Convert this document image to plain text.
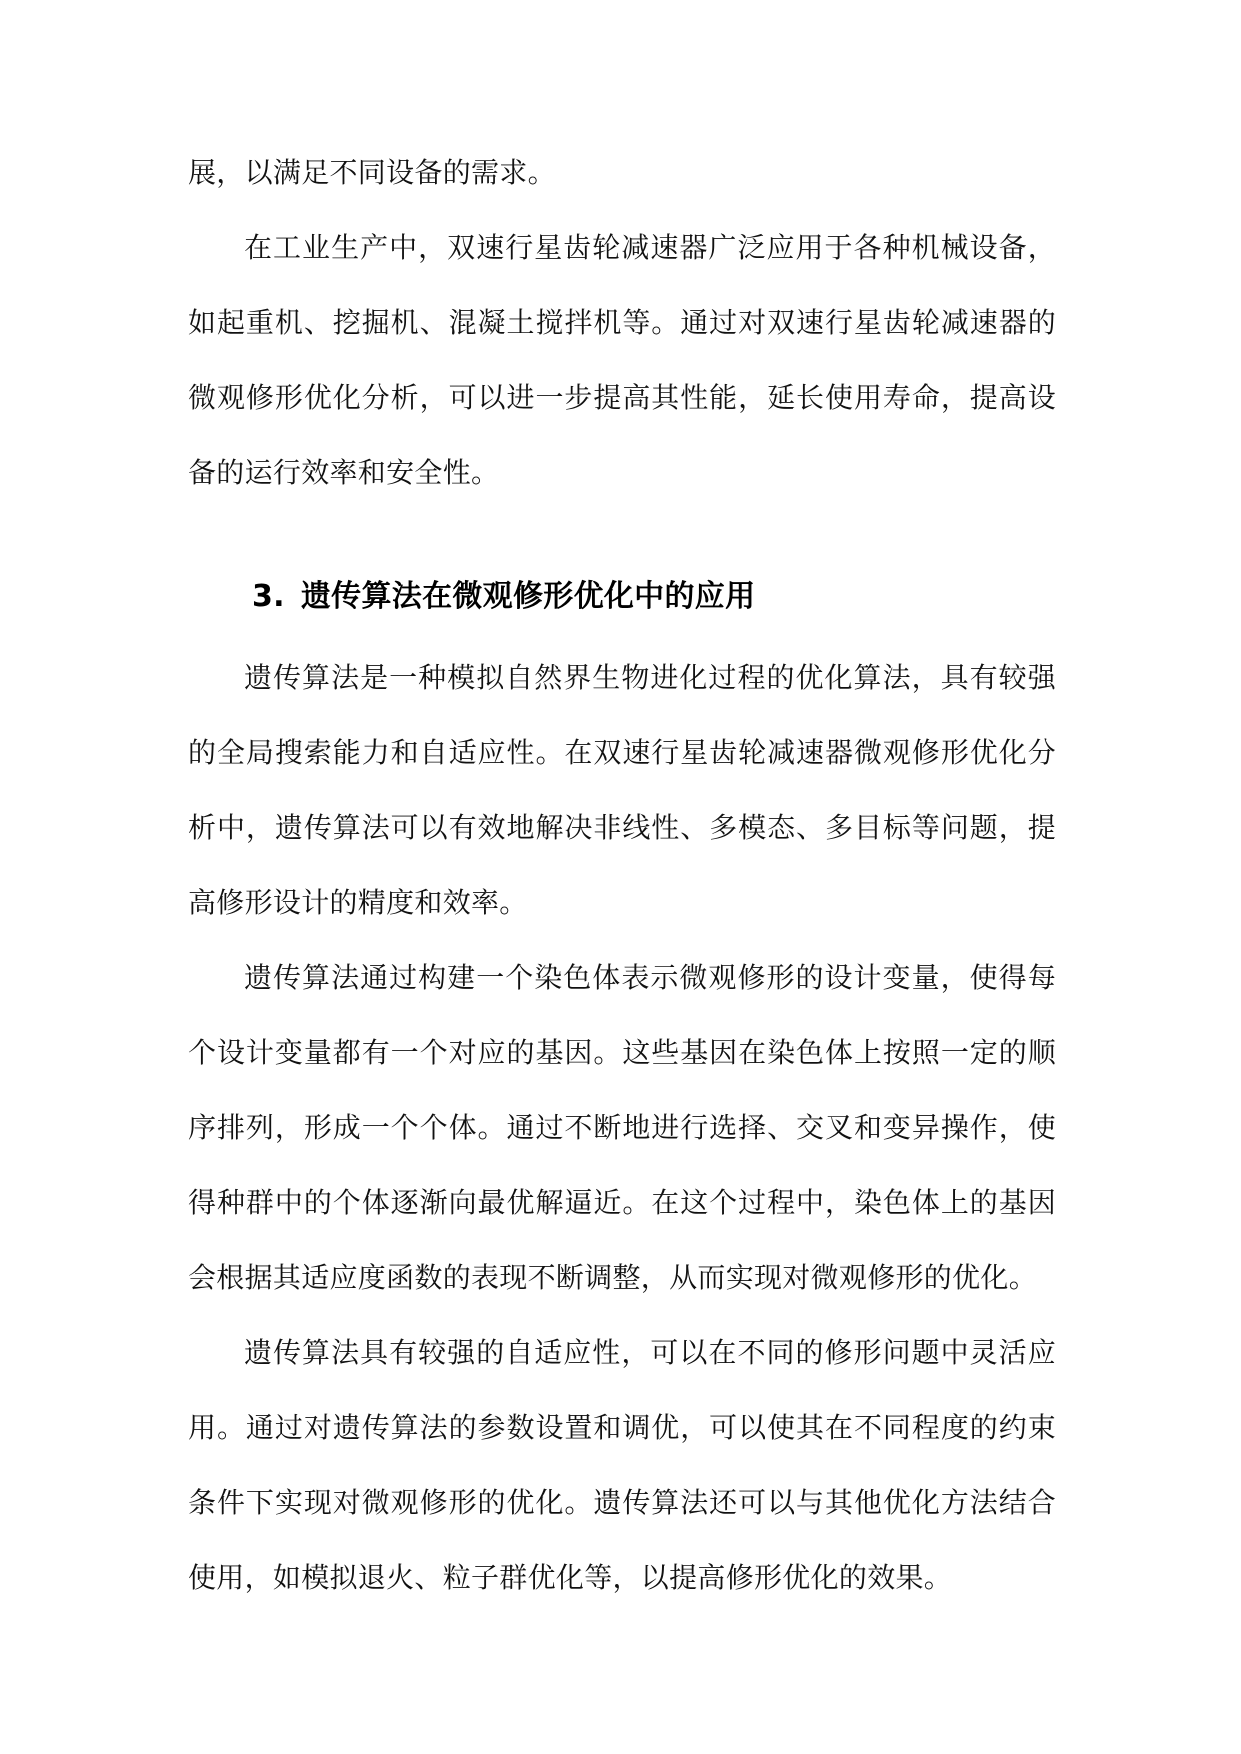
展，以满足不同设备的需求。

在工业生产中，双速行星齿轮减速器广泛应用于各种机械设备，如起重机、挖掘机、混凝土搅拌机等。通过对双速行星齿轮减速器的微观修形优化分析，可以进一步提高其性能，延长使用寿命，提高设备的运行效率和安全性。

3. 遗传算法在微观修形优化中的应用

遗传算法是一种模拟自然界生物进化过程的优化算法，具有较强的全局搜索能力和自适应性。在双速行星齿轮减速器微观修形优化分析中，遗传算法可以有效地解决非线性、多模态、多目标等问题，提高修形设计的精度和效率。

遗传算法通过构建一个染色体表示微观修形的设计变量，使得每个设计变量都有一个对应的基因。这些基因在染色体上按照一定的顺序排列，形成一个个体。通过不断地进行选择、交叉和变异操作，使得种群中的个体逐渐向最优解逼近。在这个过程中，染色体上的基因会根据其适应度函数的表现不断调整，从而实现对微观修形的优化。

遗传算法具有较强的自适应性，可以在不同的修形问题中灵活应用。通过对遗传算法的参数设置和调优，可以使其在不同程度的约束条件下实现对微观修形的优化。遗传算法还可以与其他优化方法结合使用，如模拟退火、粒子群优化等，以提高修形优化的效果。
